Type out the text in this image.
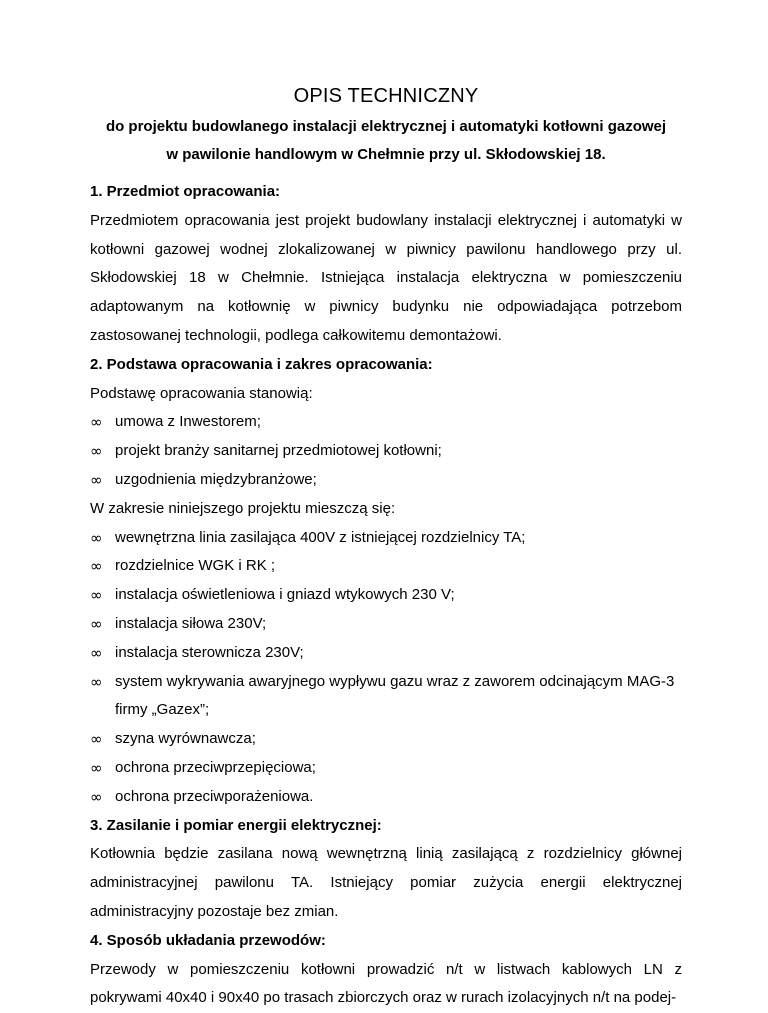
OPIS TECHNICZNY
do projektu budowlanego instalacji elektrycznej i automatyki kotłowni gazowej
w pawilonie handlowym w Chełmnie przy ul. Skłodowskiej 18.

1. Przedmiot opracowania:

Przedmiotem opracowania jest projekt budowlany instalacji elektrycznej i automatyki w kotłowni gazowej wodnej zlokalizowanej w piwnicy pawilonu handlowego przy ul. Skłodowskiej 18 w Chełmnie. Istniejąca instalacja elektryczna w pomieszczeniu adaptowanym na kotłownię w piwnicy budynku nie odpowiadająca potrzebom zastosowanej technologii, podlega całkowitemu demontażowi.

2. Podstawa opracowania i zakres opracowania:

Podstawę opracowania stanowią:

∞ umowa z Inwestorem;
∞ projekt branży sanitarnej przedmiotowej kotłowni;
∞ uzgodnienia międzybranżowe;

W zakresie niniejszego projektu mieszczą się:

∞ wewnętrzna linia zasilająca 400V z istniejącej rozdzielnicy TA;
∞ rozdzielnice WGK i RK ;
∞ instalacja oświetleniowa i gniazd wtykowych 230 V;
∞ instalacja siłowa 230V;
∞ instalacja sterownicza 230V;
∞ system wykrywania awaryjnego wypływu gazu wraz z zaworem odcinającym MAG-3 firmy „Gazex”;
∞ szyna wyrównawcza;
∞ ochrona przeciwprzepięciowa;
∞ ochrona przeciwporażeniowa.

3. Zasilanie i pomiar energii elektrycznej:

Kotłownia będzie zasilana nową wewnętrzną linią zasilającą z rozdzielnicy głównej administracyjnej pawilonu TA. Istniejący pomiar zużycia energii elektrycznej administracyjny pozostaje bez zmian.

4. Sposób układania przewodów:

Przewody w pomieszczeniu kotłowni prowadzić n/t w listwach kablowych LN z pokrywami 40x40 i 90x40 po trasach zbiorczych oraz w rurach izolacyjnych n/t na podej-
